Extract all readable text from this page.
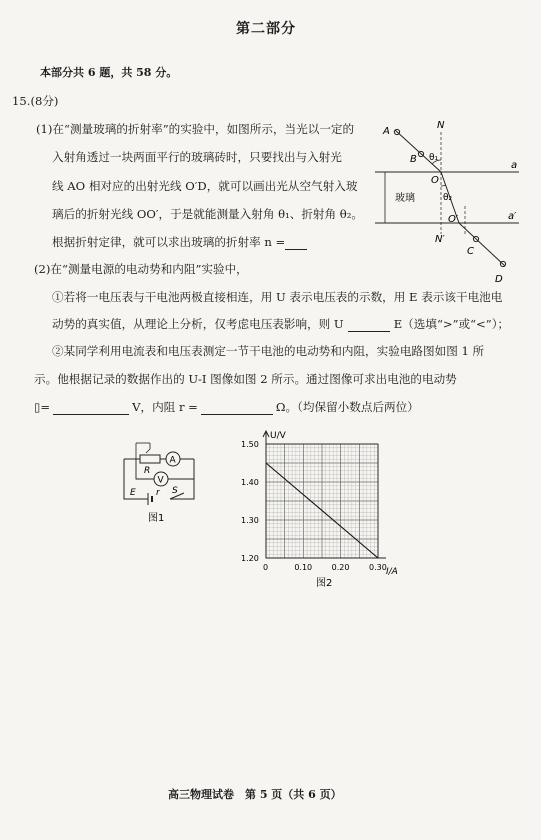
第二部分
本部分共 6 题，共 58 分。
15.(8分)
(1)在“测量玻璃的折射率”的实验中，如图所示，当光以一定的
入射角透过一块两面平行的玻璃砖时，只要找出与入射光
线 AO 相对应的出射光线 O′D，就可以画出光从空气射入玻
璃后的折射光线 OO′，于是就能测量入射角 θ₁、折射角 θ₂。
根据折射定律，就可以求出玻璃的折射率 n =
A
B θ₁
N
O
a
玻璃	θ₂
O′	a′
N′
C
D
(2)在“测量电源的电动势和内阻”实验中，
①若将一电压表与干电池两极直接相连，用 U 表示电压表的示数，用 E 表示该干电池电
动势的真实值，从理论上分析，仅考虑电压表影响，则 U	E（选填“>”或“<”）；
②某同学利用电流表和电压表测定一节干电池的电动势和内阻，实验电路图如图 1 所
示。他根据记录的数据作出的 U-I 图像如图 2 所示。通过图像可求出电池的电动势
▯=	V，内阻 r =	Ω。（均保留小数点后两位）
A
V
R
E r S
图1
U/V
I/A
0	0.10 0.20 0.30
1.20
1.30
1.40
1.50
图2
高三物理试卷　第 5 页（共 6 页）
